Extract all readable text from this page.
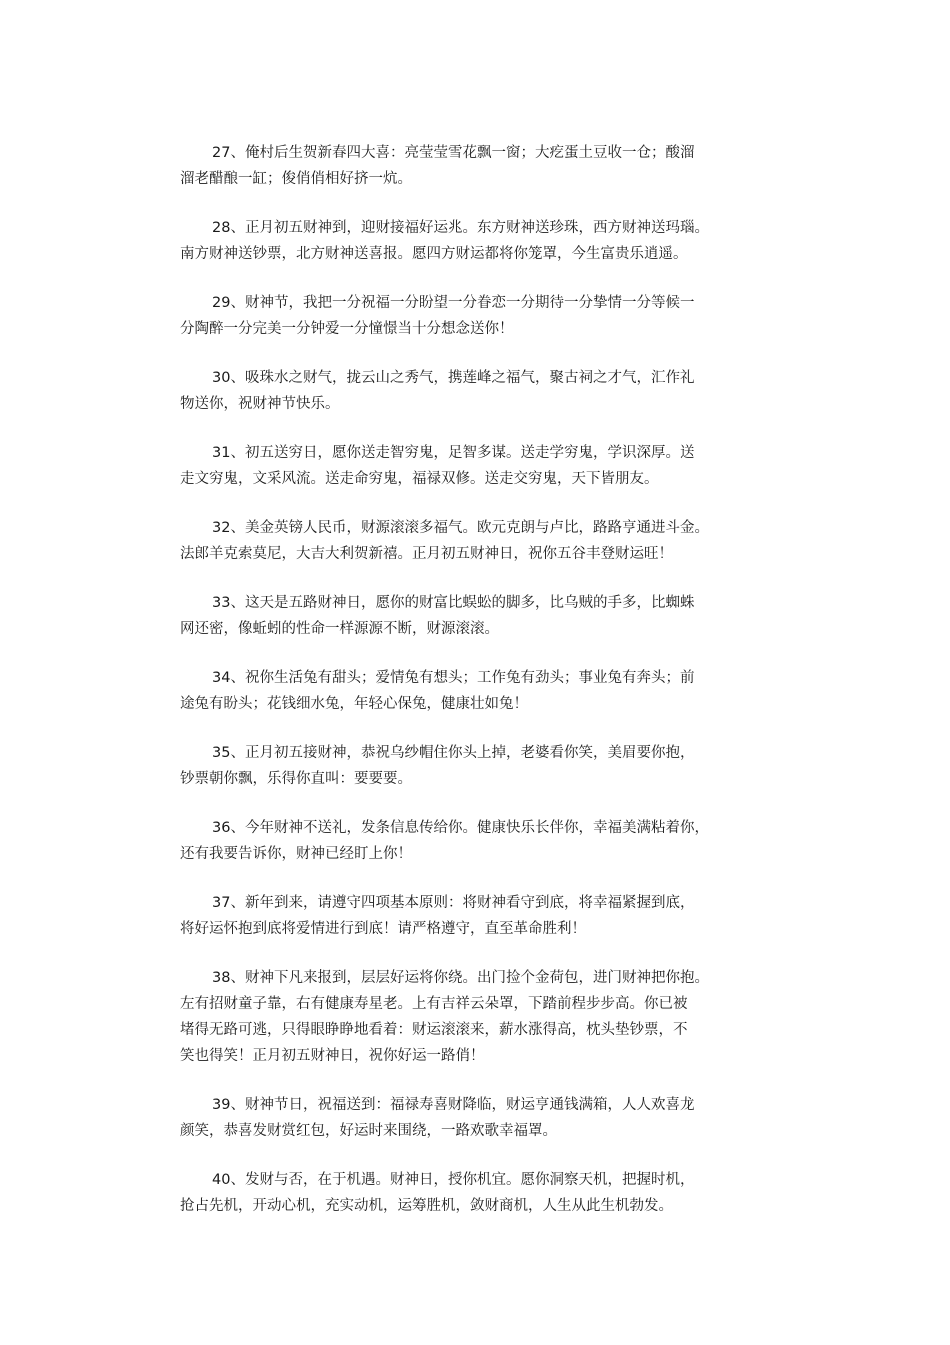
27、俺村后生贺新春四大喜：亮莹莹雪花飘一窗；大疙蛋土豆收一仓；酸溜
溜老醋酿一缸；俊俏俏相好挤一炕。

28、正月初五财神到，迎财接福好运兆。东方财神送珍珠，西方财神送玛瑙。
南方财神送钞票，北方财神送喜报。愿四方财运都将你笼罩，今生富贵乐逍遥。

29、财神节，我把一分祝福一分盼望一分眷恋一分期待一分挚情一分等候一
分陶醉一分完美一分钟爱一分憧憬当十分想念送你！

30、吸珠水之财气，拢云山之秀气，携莲峰之福气，聚古祠之才气，汇作礼
物送你，祝财神节快乐。

31、初五送穷日，愿你送走智穷鬼，足智多谋。送走学穷鬼，学识深厚。送
走文穷鬼，文采风流。送走命穷鬼，福禄双修。送走交穷鬼，天下皆朋友。

32、美金英镑人民币，财源滚滚多福气。欧元克朗与卢比，路路亨通进斗金。
法郎羊克索莫尼，大吉大利贺新禧。正月初五财神日，祝你五谷丰登财运旺！

33、这天是五路财神日，愿你的财富比蜈蚣的脚多，比乌贼的手多，比蜘蛛
网还密，像蚯蚓的性命一样源源不断，财源滚滚。

34、祝你生活兔有甜头；爱情兔有想头；工作兔有劲头；事业兔有奔头；前
途兔有盼头；花钱细水兔，年轻心保兔，健康壮如兔！

35、正月初五接财神，恭祝乌纱帽住你头上掉，老婆看你笑，美眉要你抱，
钞票朝你飘，乐得你直叫：要要要。

36、今年财神不送礼，发条信息传给你。健康快乐长伴你，幸福美满粘着你，
还有我要告诉你，财神已经盯上你！

37、新年到来，请遵守四项基本原则：将财神看守到底，将幸福紧握到底，
将好运怀抱到底将爱情进行到底！请严格遵守，直至革命胜利！

38、财神下凡来报到，层层好运将你绕。出门捡个金荷包，进门财神把你抱。
左有招财童子靠，右有健康寿星老。上有吉祥云朵罩，下踏前程步步高。你已被
堵得无路可逃，只得眼睁睁地看着：财运滚滚来，薪水涨得高，枕头垫钞票，不
笑也得笑！正月初五财神日，祝你好运一路俏！

39、财神节日，祝福送到：福禄寿喜财降临，财运亨通钱满箱，人人欢喜龙
颜笑，恭喜发财赏红包，好运时来围绕，一路欢歌幸福罩。

40、发财与否，在于机遇。财神日，授你机宜。愿你洞察天机，把握时机，
抢占先机，开动心机，充实动机，运筹胜机，敛财商机，人生从此生机勃发。
